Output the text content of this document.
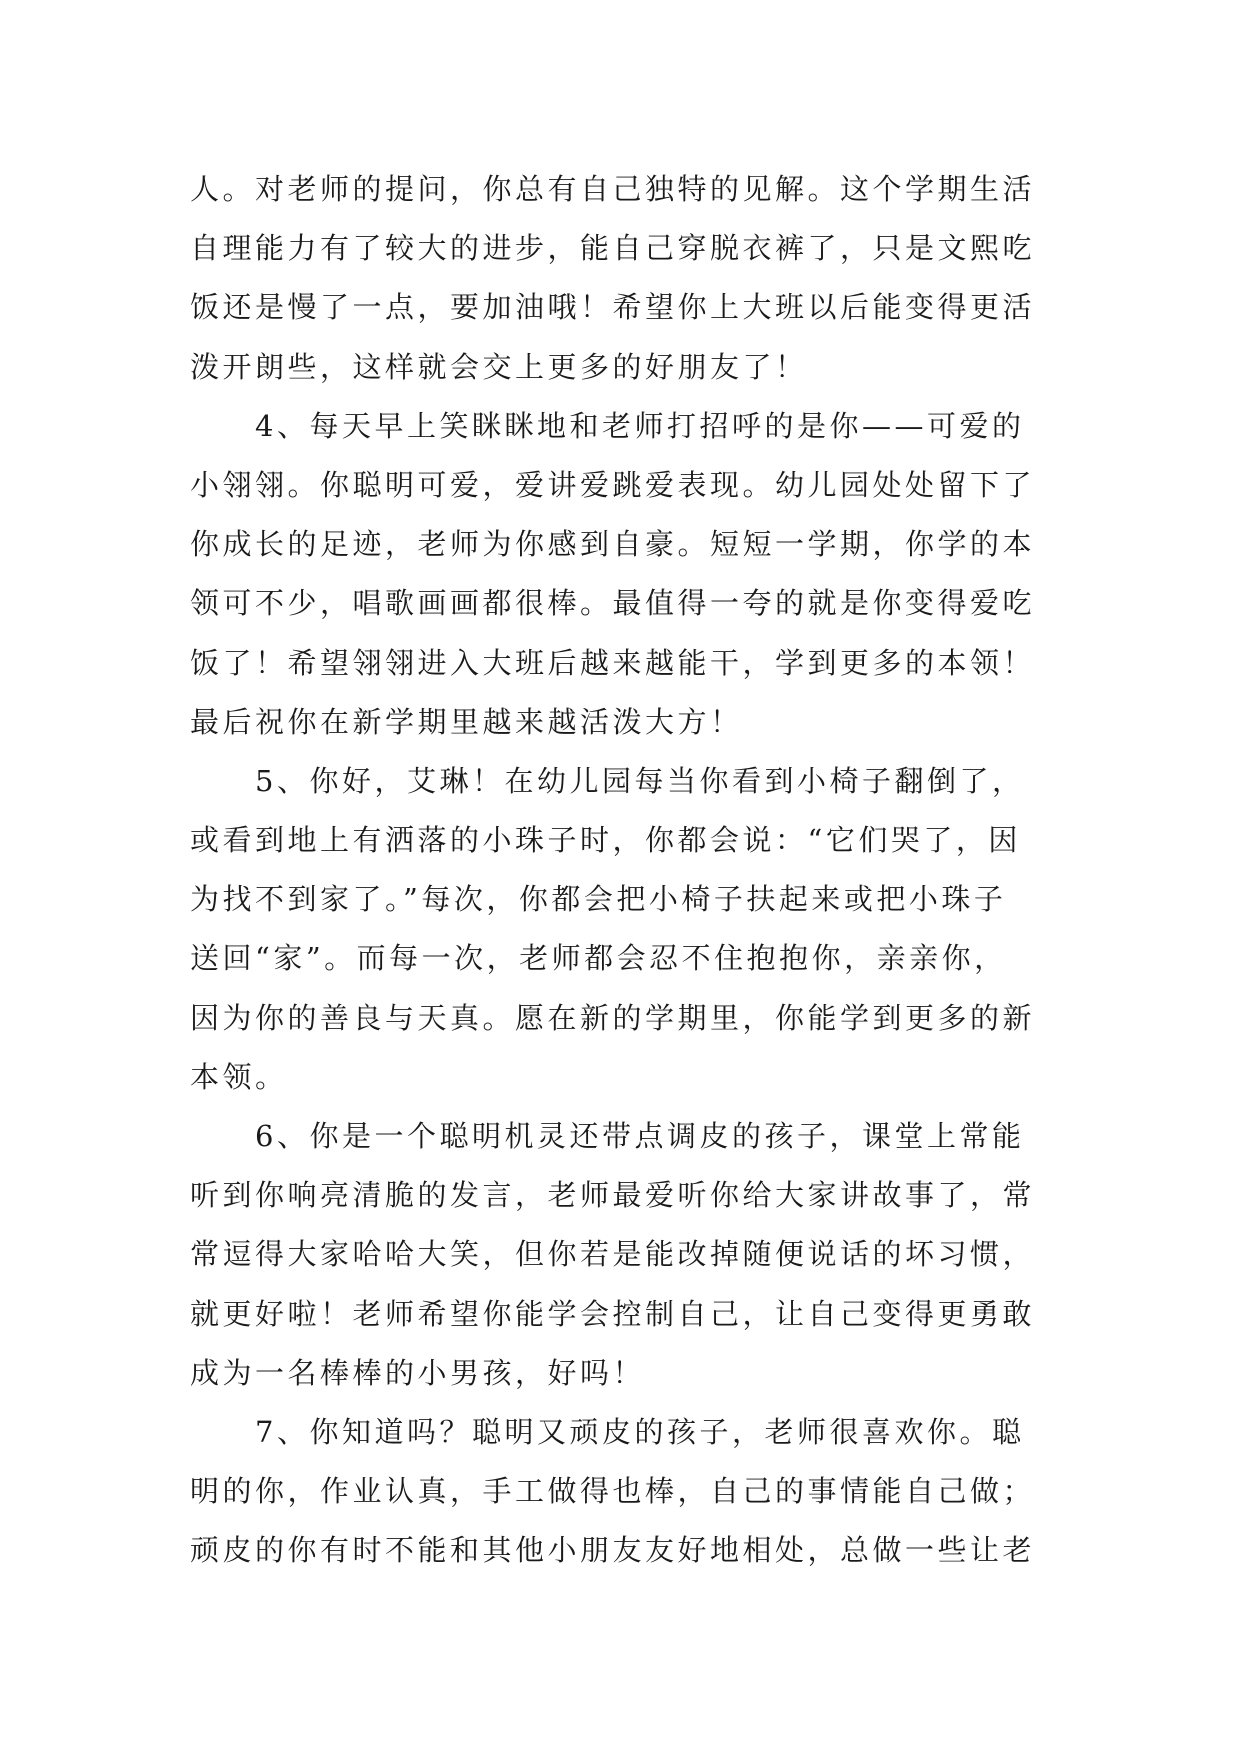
人。对老师的提问，你总有自己独特的见解。这个学期生活
自理能力有了较大的进步，能自己穿脱衣裤了，只是文熙吃
饭还是慢了一点，要加油哦！希望你上大班以后能变得更活
泼开朗些，这样就会交上更多的好朋友了！
　　4、每天早上笑眯眯地和老师打招呼的是你——可爱的
小翎翎。你聪明可爱，爱讲爱跳爱表现。幼儿园处处留下了
你成长的足迹，老师为你感到自豪。短短一学期，你学的本
领可不少，唱歌画画都很棒。最值得一夸的就是你变得爱吃
饭了！希望翎翎进入大班后越来越能干，学到更多的本领！
最后祝你在新学期里越来越活泼大方！
　　5、你好，艾琳！在幼儿园每当你看到小椅子翻倒了，
或看到地上有洒落的小珠子时，你都会说：“它们哭了，因
为找不到家了。”每次，你都会把小椅子扶起来或把小珠子
送回“家”。而每一次，老师都会忍不住抱抱你，亲亲你，
因为你的善良与天真。愿在新的学期里，你能学到更多的新
本领。
　　6、你是一个聪明机灵还带点调皮的孩子，课堂上常能
听到你响亮清脆的发言，老师最爱听你给大家讲故事了，常
常逗得大家哈哈大笑，但你若是能改掉随便说话的坏习惯，
就更好啦！老师希望你能学会控制自己，让自己变得更勇敢
成为一名棒棒的小男孩，好吗！
　　7、你知道吗？聪明又顽皮的孩子，老师很喜欢你。聪
明的你，作业认真，手工做得也棒，自己的事情能自己做；
顽皮的你有时不能和其他小朋友友好地相处，总做一些让老
